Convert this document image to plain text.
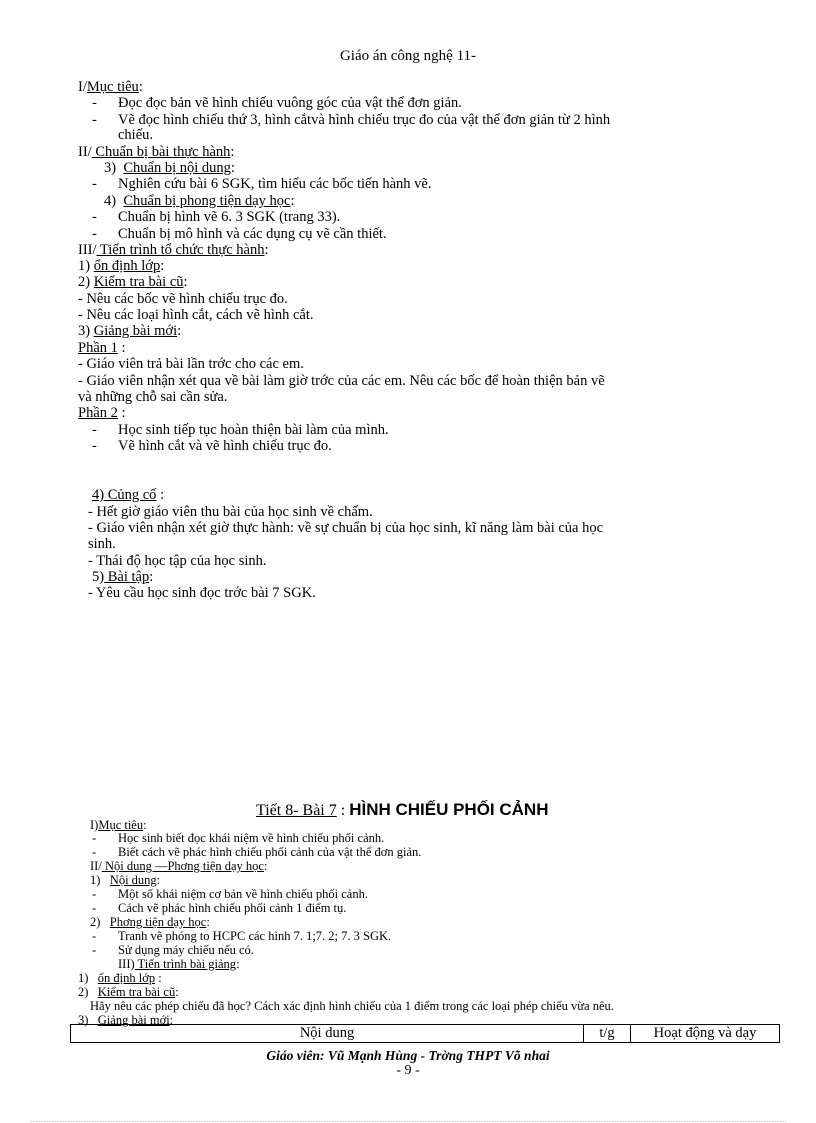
Giáo án công nghệ 11-
I/Mục tiêu:
- Đọc đọc bản vẽ hình chiếu vuông góc của vật thể đơn giản.
- Vẽ đọc hình chiếu thứ 3, hình cắtvà hình chiếu trục đo của vật thể đơn giản từ 2 hình
chiếu.
II/ Chuẩn bị bài thực hành:
3) Chuẩn bị nội dung:
- Nghiên cứu bài 6 SGK, tìm hiểu các bốc tiến hành vẽ.
4) Chuẩn bị phong tiện dạy học:
- Chuẩn bị hình vẽ 6. 3 SGK (trang 33).
- Chuẩn bị mô hình và các dụng cụ vẽ cần thiết.
III/ Tiến trình tổ chức thực hành:
1) ổn định lớp:
2) Kiểm tra bài cũ:
- Nêu các bốc vẽ hình chiếu trục đo.
- Nêu các loại hình cắt, cách vẽ hình cắt.
3) Giảng bài mới:
Phần 1 :
- Giáo viên trả bài lần trớc cho các em.
- Giáo viên nhận xét qua về bài làm giờ trớc của các em. Nêu các bốc để hoàn thiện bản vẽ
và những chỗ sai cần sửa.
Phần 2 :
- Học sinh tiếp tục hoàn thiện bài làm của mình.
- Vẽ hình cắt và vẽ hình chiếu trục đo.
4) Củng cố :
- Hết giờ giáo viên thu bài của học sinh về chấm.
- Giáo viên nhận xét giờ thực hành: về sự chuẩn bị của học sinh, kĩ năng làm bài của học
sinh.
- Thái độ học tập của học sinh.
5) Bài tập:
- Yêu cầu học sinh đọc trớc bài 7 SGK.
Tiết 8- Bài 7 : HÌNH CHIẾU PHỐI CẢNH
I)Mục tiêu:
- Học sinh biết đọc khái niệm về hình chiếu phối cảnh.
- Biết cách vẽ phác hình chiếu phối cảnh của vật thể đơn giản.
II/ Nội dung —Phơng tiện dạy học:
1) Nội dung:
- Một số khái niệm cơ bản về hình chiếu phối cảnh.
- Cách vẽ phác hình chiếu phối cảnh 1 điểm tụ.
2) Phơng tiện dạy học:
- Tranh vẽ phóng to HCPC các hình 7. 1;7. 2; 7. 3 SGK.
- Sử dụng máy chiếu nếu có.
III) Tiến trình bài giảng:
1) ổn định lớp :
2) Kiểm tra bài cũ:
Hãy nêu các phép chiếu đã học? Cách xác định hình chiếu của 1 điểm trong các loại phép chiếu vừa nêu.
3) Giảng bài mới:
Nội dung	t/g	Hoạt động và dạy
Giáo viên: Vũ Mạnh Hùng - Trờng THPT Võ nhai
- 9 -
